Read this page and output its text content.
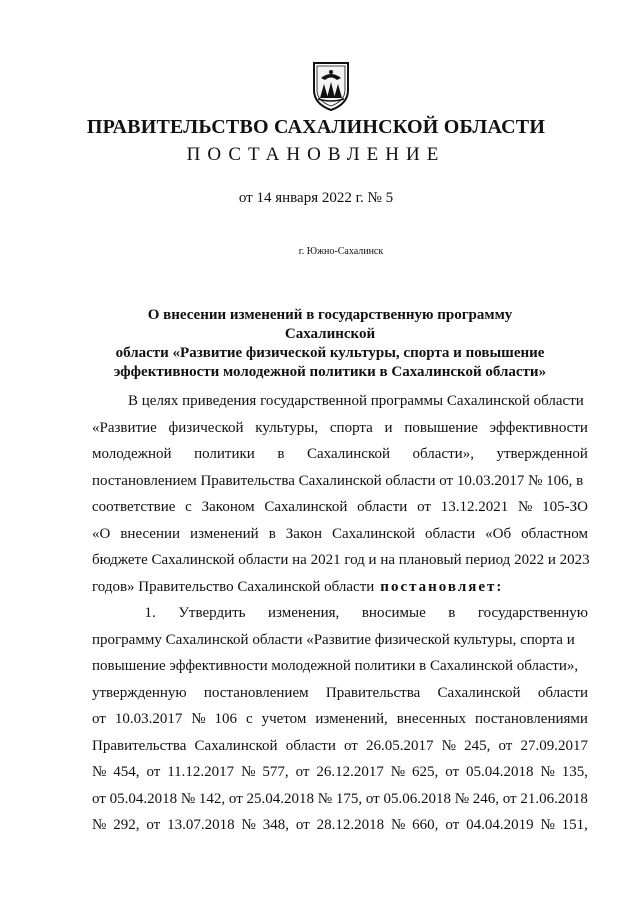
ПРАВИТЕЛЬСТВО САХАЛИНСКОЙ ОБЛАСТИ
ПОСТАНОВЛЕНИЕ
от 14 января 2022 г. № 5
г. Южно-Сахалинск
О внесении изменений в государственную программу Сахалинской
области «Развитие физической культуры, спорта и повышение
эффективности молодежной политики в Сахалинской области»
В целях приведения государственной программы Сахалинской области
«Развитие физической культуры, спорта и повышение эффективности
молодежной политики в Сахалинской области», утвержденной
постановлением Правительства Сахалинской области от 10.03.2017 № 106, в
соответствие с Законом Сахалинской области от 13.12.2021 № 105-ЗО
«О внесении изменений в Закон Сахалинской области «Об областном
бюджете Сахалинской области на 2021 год и на плановый период 2022 и 2023
годов» Правительство Сахалинской области постановляет:
1. Утвердить изменения, вносимые в государственную
программу Сахалинской области «Развитие физической культуры, спорта и
повышение эффективности молодежной политики в Сахалинской области»,
утвержденную постановлением Правительства Сахалинской области
от 10.03.2017 № 106 с учетом изменений, внесенных постановлениями
Правительства Сахалинской области от 26.05.2017 № 245, от 27.09.2017
№ 454, от 11.12.2017 № 577, от 26.12.2017 № 625, от 05.04.2018 № 135,
от 05.04.2018 № 142, от 25.04.2018 № 175, от 05.06.2018 № 246, от 21.06.2018
№ 292, от 13.07.2018 № 348, от 28.12.2018 № 660, от 04.04.2019 № 151,
